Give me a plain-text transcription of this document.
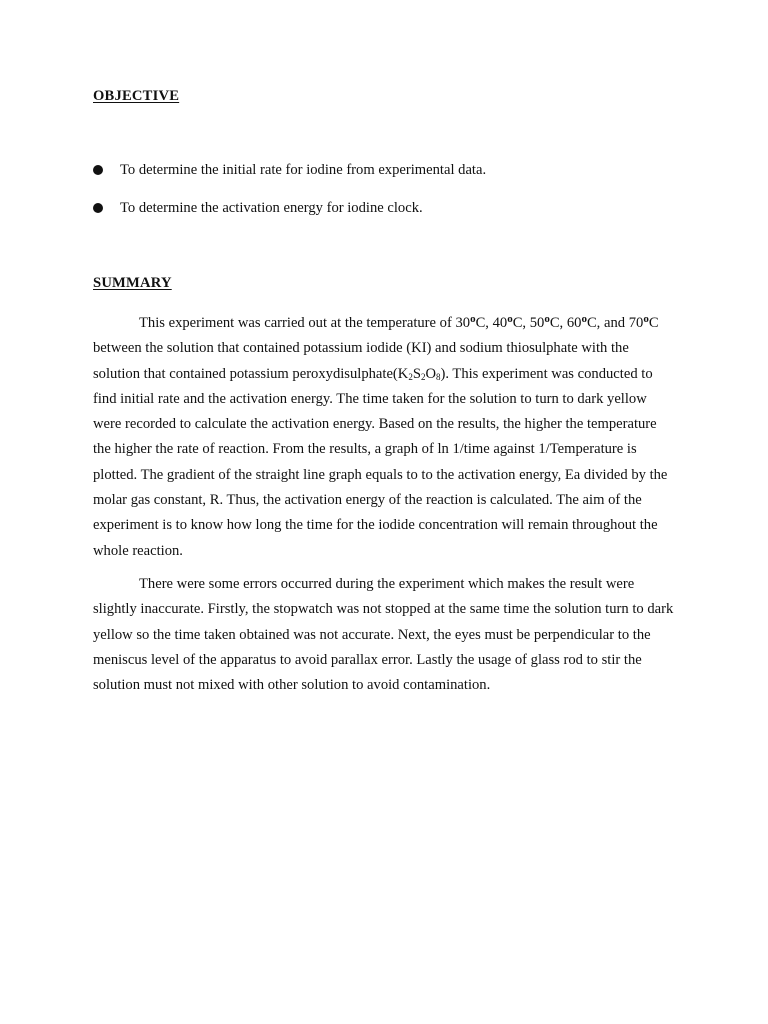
OBJECTIVE
To determine the initial rate for iodine from experimental data.
To determine the activation energy for iodine clock.
SUMMARY

This experiment was carried out at the temperature of 30$^o$C, 40$^o$C, 50$^o$C, 60$^o$C, and 70$^o$C between the solution that contained potassium iodide (KI) and sodium thiosulphate with the solution that contained potassium $peroxydisulphate(K_2S_2O_8)$. This experiment was conducted to find initial rate and the activation energy. The time taken for the solution to turn to dark yellow were recorded to calculate the activation energy. Based on the results, the higher the temperature the higher the rate of reaction. From the results, a graph of ln 1/time against 1/Temperature is plotted. The gradient of the straight line graph equals to to the activation energy, Ea divided by the molar gas constant, R. Thus, the activation energy of the reaction is calculated. The aim of the experiment is to know how long the time for the iodide concentration will remain throughout the whole reaction.

There were some errors occurred during the experiment which makes the result were slightly inaccurate. Firstly, the stopwatch was not stopped at the same time the solution turn to dark yellow so the time taken obtained was not accurate. Next, the eyes must be perpendicular to the meniscus level of the apparatus to avoid parallax error. Lastly the usage of glass rod to stir the solution must not mixed with other solution to avoid contamination.
